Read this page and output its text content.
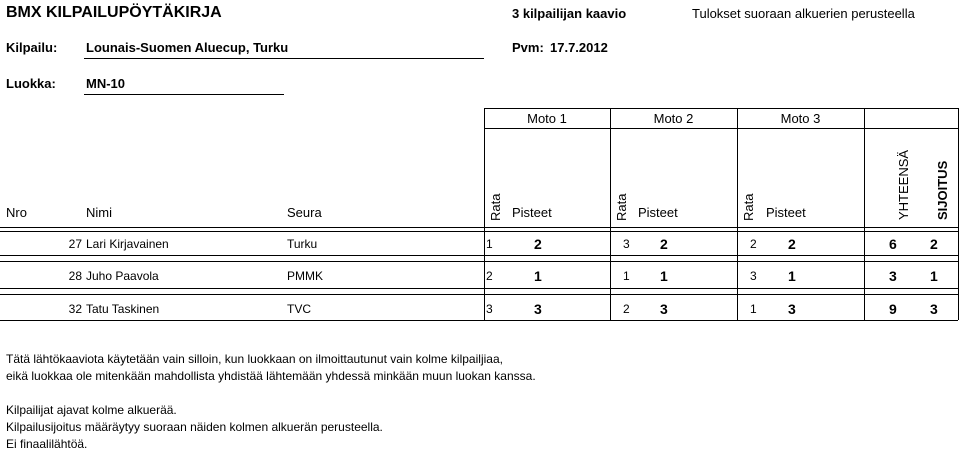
BMX KILPAILUPÖYTÄKIRJA	3 kilpailijan kaavio	Tulokset suoraan alkuerien perusteella
Kilpailu: Lounais-Suomen Aluecup, Turku	Pvm: 17.7.2012
Luokka: MN-10
Moto 1	Moto 2	Moto 3
Nro	Nimi	Seura	Rata Pisteet	Rata Pisteet	Rata Pisteet	YHTEENSÄ SIJOITUS
27 Lari Kirjavainen	Turku	1	2	3 2	2 2	6 2
28 Juho Paavola	PMMK	2	1	1 1	3 1	3 1
32 Tatu Taskinen	TVC	3	3	2 3	1 3	9 3
Tätä lähtökaaviota käytetään vain silloin, kun luokkaan on ilmoittautunut vain kolme kilpailjiaa,
eikä luokkaa ole mitenkään mahdollista yhdistää lähtemään yhdessä minkään muun luokan kanssa.
Kilpailijat ajavat kolme alkuerää.
Kilpailusijoitus määräytyy suoraan näiden kolmen alkuerän perusteella.
Ei finaalilähtöä.
